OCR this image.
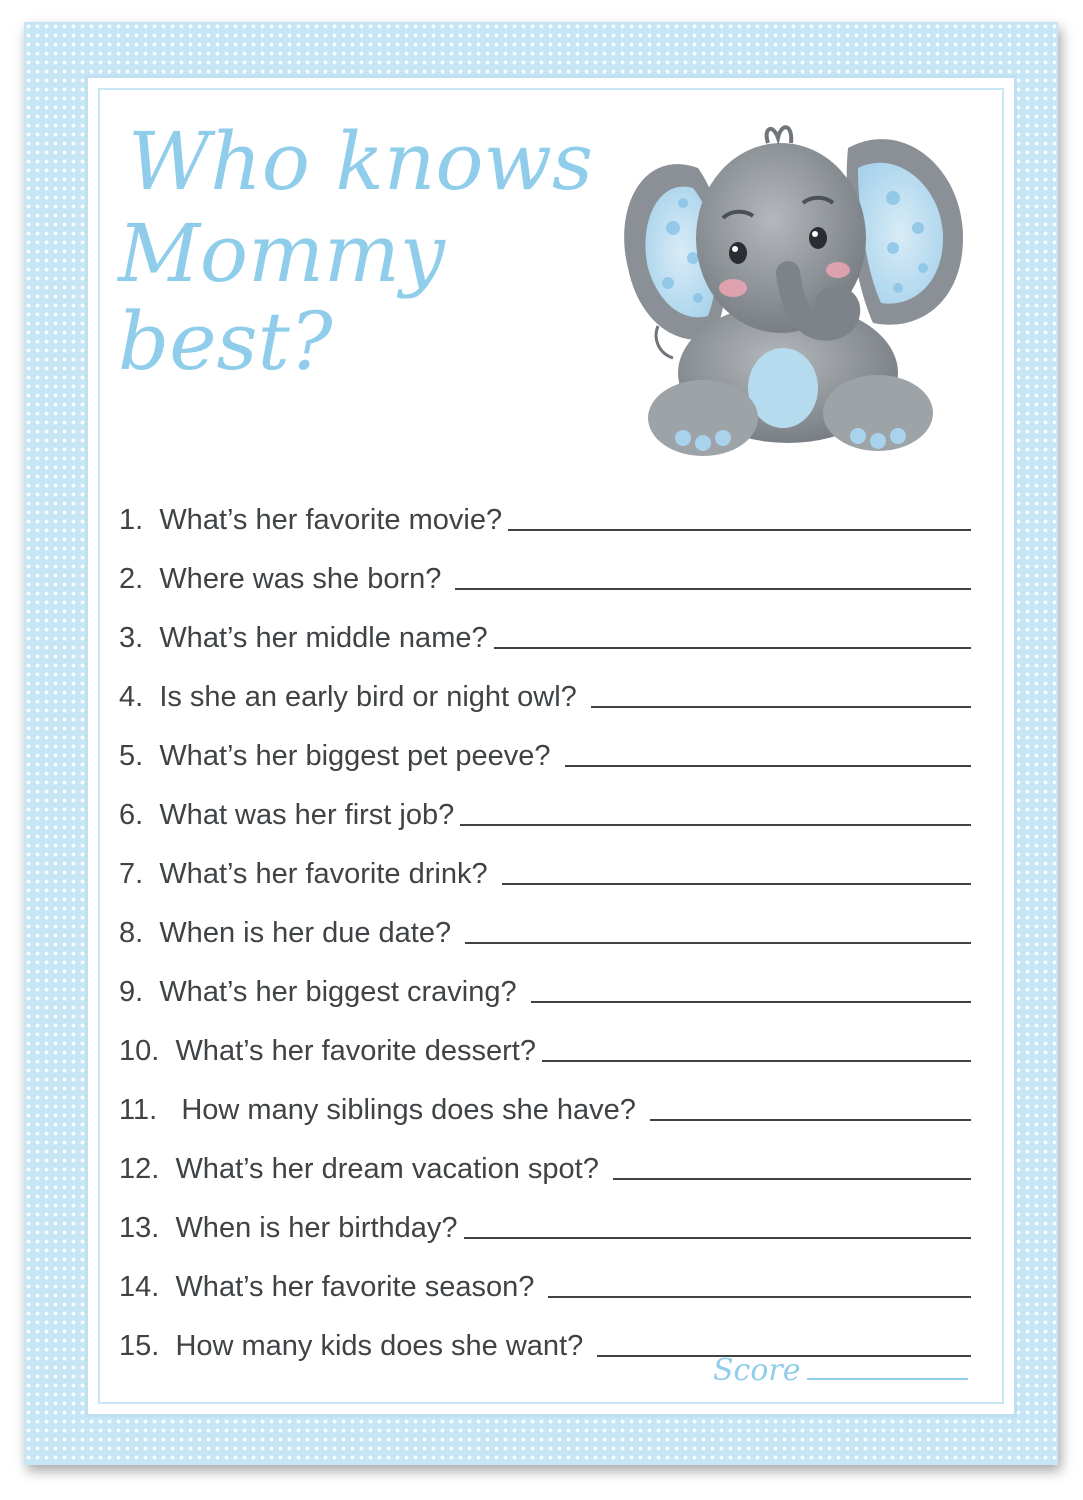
Who knows
Mommy best?
1. What’s her favorite movie?
2. Where was she born?
3. What’s her middle name?
4. Is she an early bird or night owl?
5. What’s her biggest pet peeve?
6. What was her first job?
7. What’s her favorite drink?
8. When is her due date?
9. What’s her biggest craving?
10. What’s her favorite dessert?
11. How many siblings does she have?
12. What’s her dream vacation spot?
13. When is her birthday?
14. What’s her favorite season?
15. How many kids does she want?
Score
